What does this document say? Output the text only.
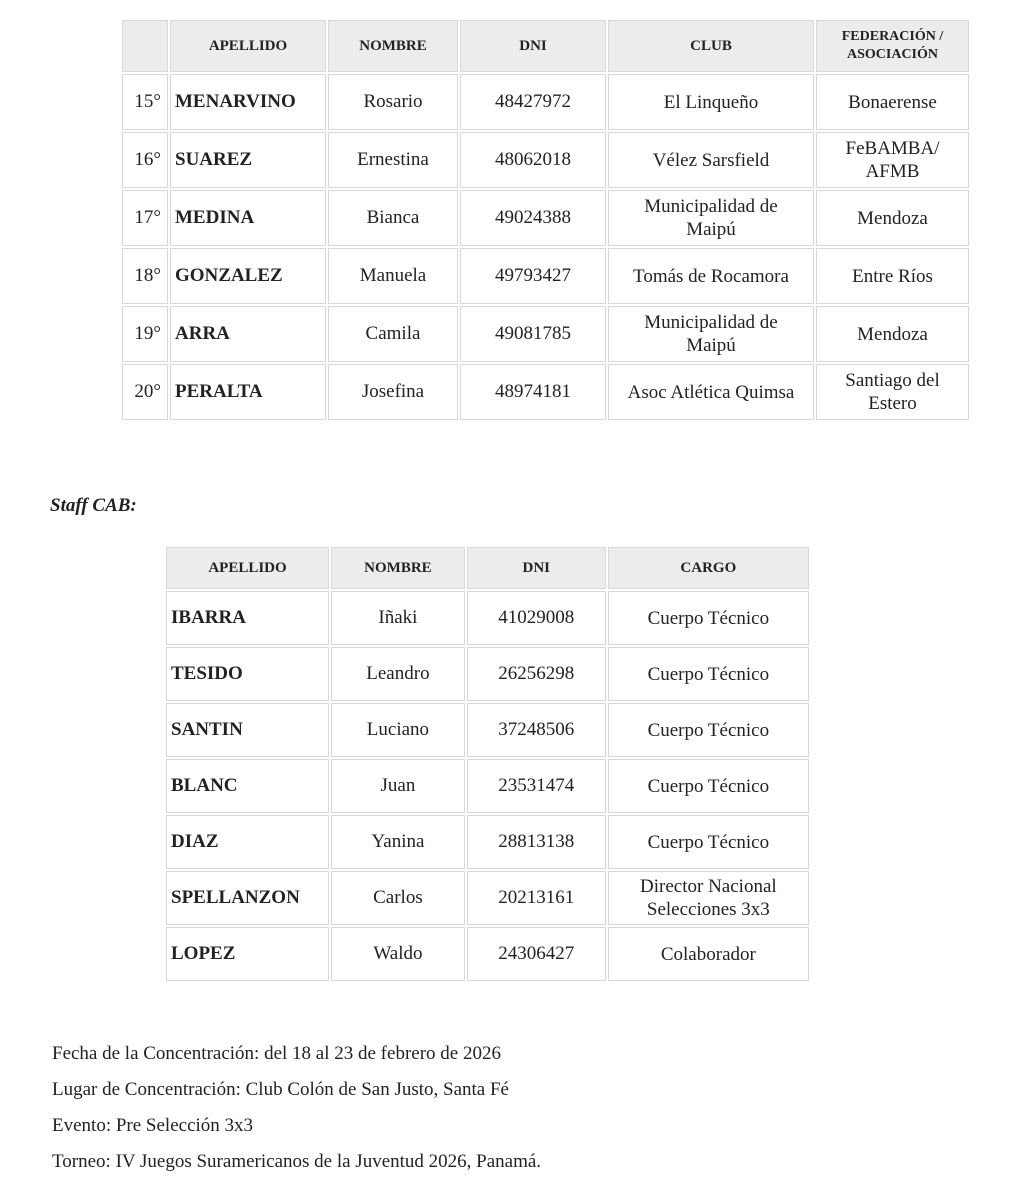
	APELLIDO	NOMBRE	DNI	CLUB	FEDERACIÓN / ASOCIACIÓN
15°	MENARVINO	Rosario	48427972	El Linqueño	Bonaerense

16°	SUAREZ	Ernestina	48062018	Vélez Sarsfield	FeBAMBA/
AFMB

17°	MEDINA	Bianca	49024388	Municipalidad de
Maipú	Mendoza

18°	GONZALEZ	Manuela	49793427	Tomás de Rocamora	Entre Ríos

19°	ARRA	Camila	49081785	Municipalidad de
Maipú	Mendoza

20°	PERALTA	Josefina	48974181	Asoc Atlética Quimsa	Santiago del
Estero
Staff CAB:
APELLIDO	NOMBRE	DNI	CARGO
IBARRA	Iñaki	41029008	Cuerpo Técnico

TESIDO	Leandro	26256298	Cuerpo Técnico

SANTIN	Luciano	37248506	Cuerpo Técnico

BLANC	Juan	23531474	Cuerpo Técnico

DIAZ	Yanina	28813138	Cuerpo Técnico

SPELLANZON	Carlos	20213161	Director Nacional
Selecciones 3x3

LOPEZ	Waldo	24306427	Colaborador

Fecha de la Concentración: del 18 al 23 de febrero de 2026

Lugar de Concentración: Club Colón de San Justo, Santa Fé

Evento: Pre Selección 3x3

Torneo: IV Juegos Suramericanos de la Juventud 2026, Panamá.
